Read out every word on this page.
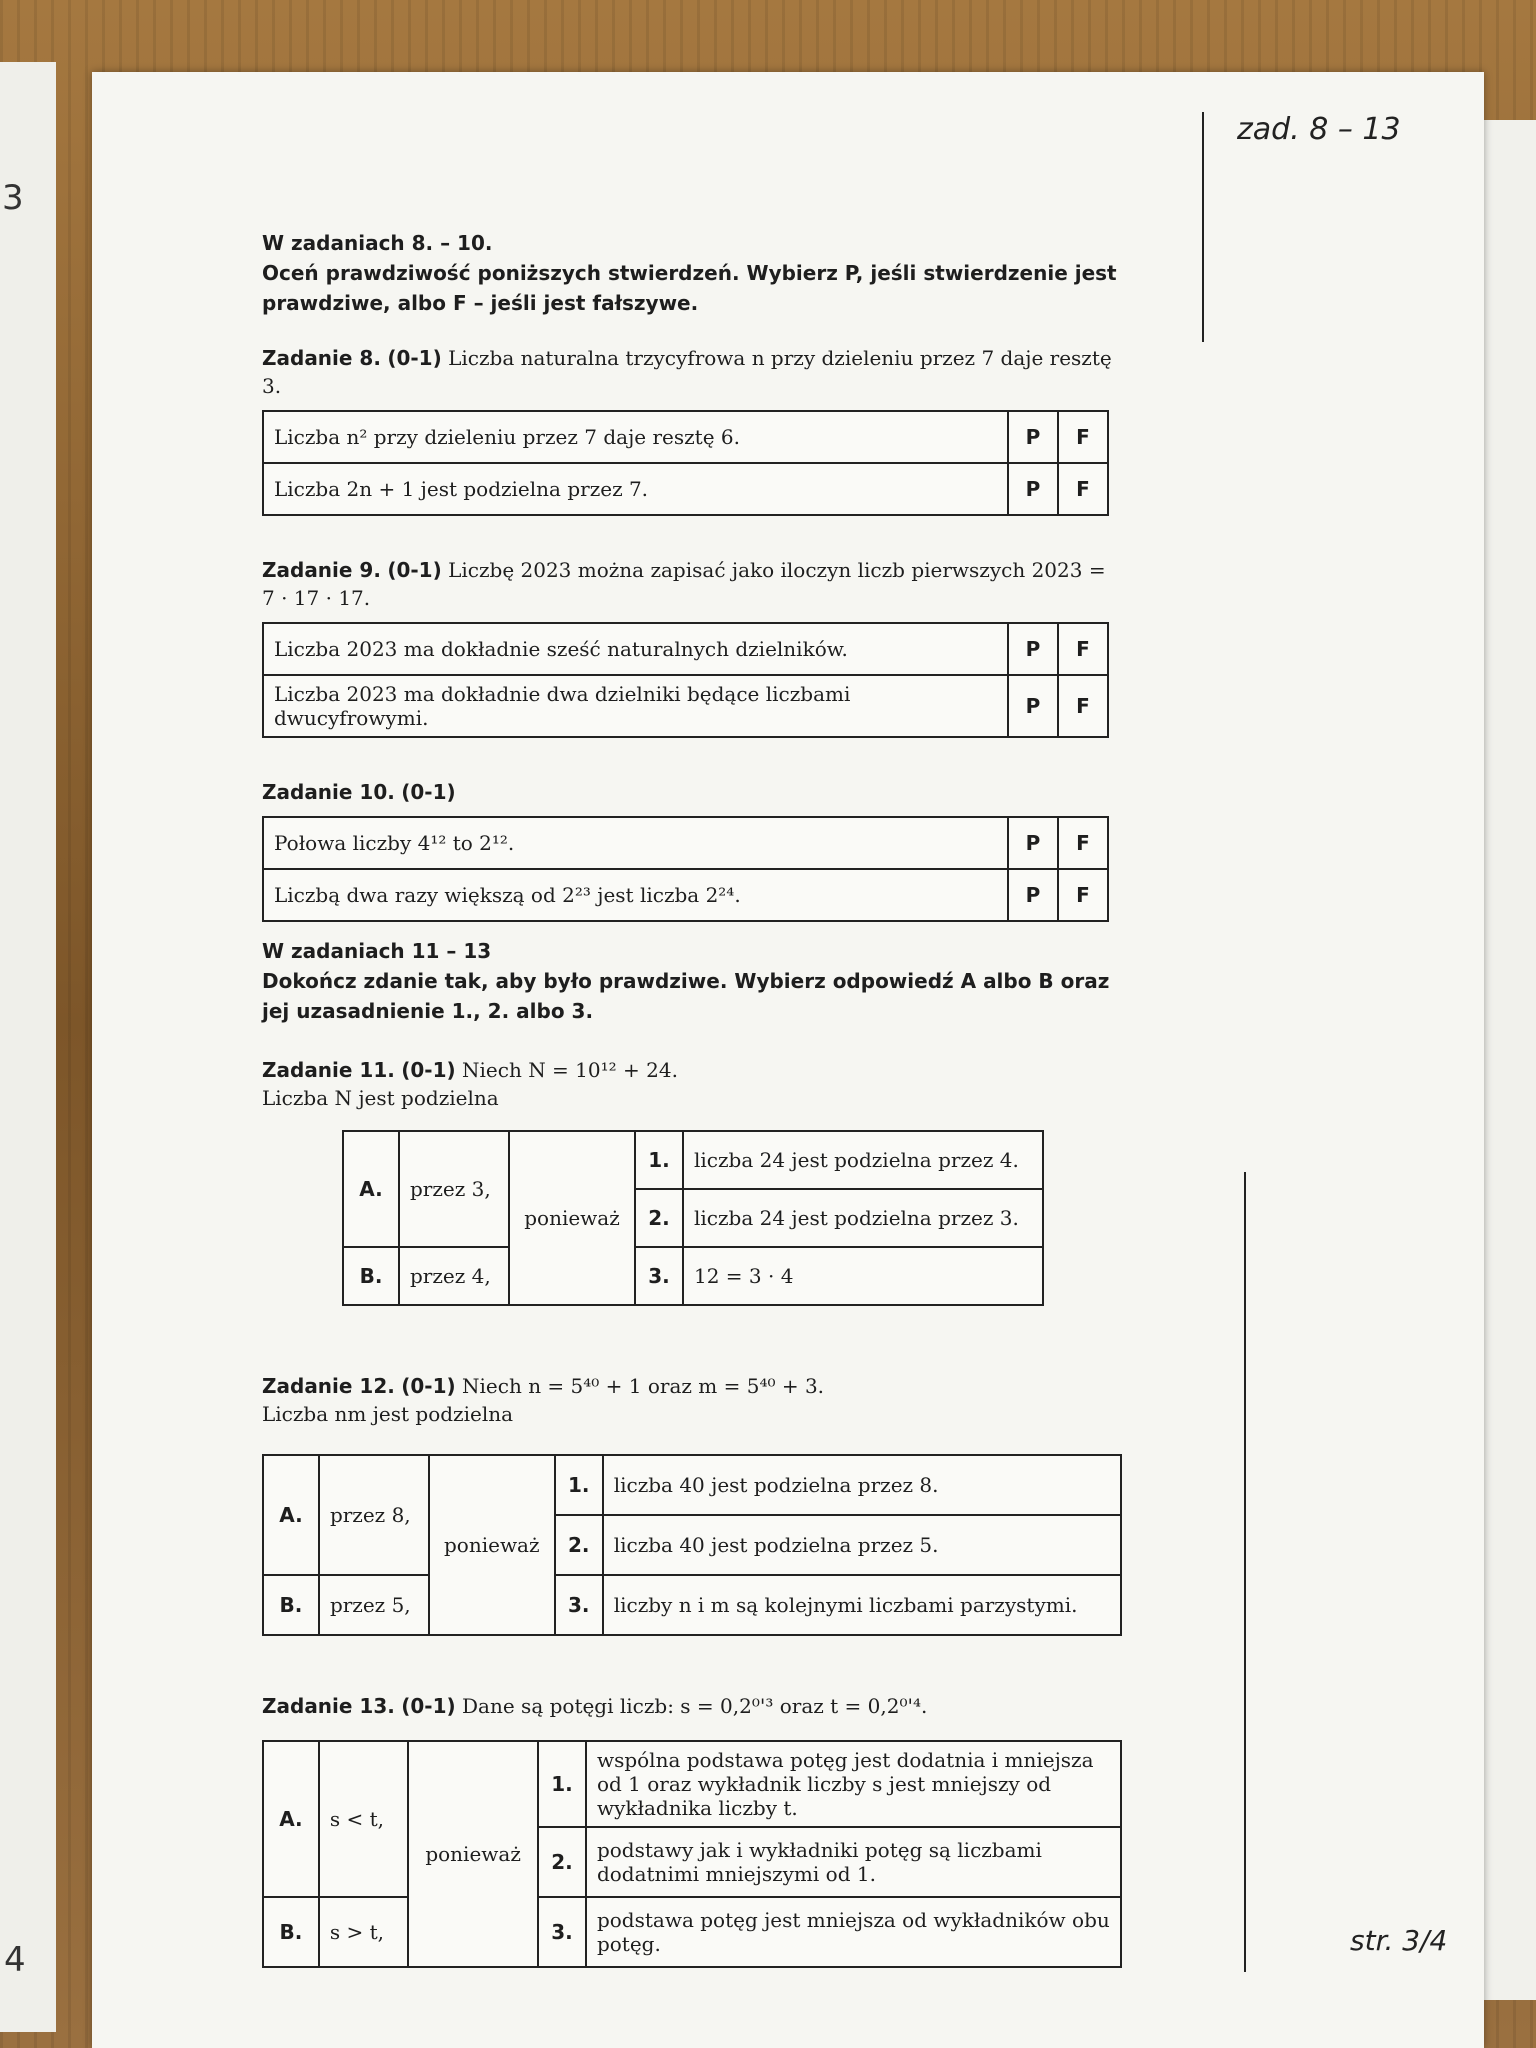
3
4
zad. 8 – 13
str. 3/4
W zadaniach 8. – 10.
Oceń prawdziwość poniższych stwierdzeń. Wybierz P, jeśli stwierdzenie jest prawdziwe, albo F – jeśli jest fałszywe.
Zadanie 8. (0-1) Liczba naturalna trzycyfrowa n przy dzieleniu przez 7 daje resztę 3.
Liczba n² przy dzieleniu przez 7 daje resztę 6.	P	F
Liczba 2n + 1 jest podzielna przez 7.	P	F
Zadanie 9. (0-1) Liczbę 2023 można zapisać jako iloczyn liczb pierwszych 2023 = 7 · 17 · 17.
Liczba 2023 ma dokładnie sześć naturalnych dzielników.	P	F
Liczba 2023 ma dokładnie dwa dzielniki będące liczbami dwucyfrowymi.	P	F
Zadanie 10. (0-1)
Połowa liczby 4¹² to 2¹².	P	F
Liczbą dwa razy większą od 2²³ jest liczba 2²⁴.	P	F
W zadaniach 11 – 13
Dokończ zdanie tak, aby było prawdziwe. Wybierz odpowiedź A albo B oraz jej uzasadnienie 1., 2. albo 3.
Zadanie 11. (0-1) Niech N = 10¹² + 24.
Liczba N jest podzielna
A.	przez 3,	ponieważ	1.	liczba 24 jest podzielna przez 4.
			2.	liczba 24 jest podzielna przez 3.
B.	przez 4,		3.	12 = 3 · 4
Zadanie 12. (0-1) Niech n = 5⁴⁰ + 1 oraz m = 5⁴⁰ + 3.
Liczba nm jest podzielna
A.	przez 8,	ponieważ	1.	liczba 40 jest podzielna przez 8.
			2.	liczba 40 jest podzielna przez 5.
B.	przez 5,		3.	liczby n i m są kolejnymi liczbami parzystymi.
Zadanie 13. (0-1) Dane są potęgi liczb: s = 0,2⁰'³ oraz t = 0,2⁰'⁴.
A.	s < t,	ponieważ	1.	wspólna podstawa potęg jest dodatnia i mniejsza od 1 oraz wykładnik liczby s jest mniejszy od wykładnika liczby t.
			2.	podstawy jak i wykładniki potęg są liczbami dodatnimi mniejszymi od 1.
B.	s > t,		3.	podstawa potęg jest mniejsza od wykładników obu potęg.
